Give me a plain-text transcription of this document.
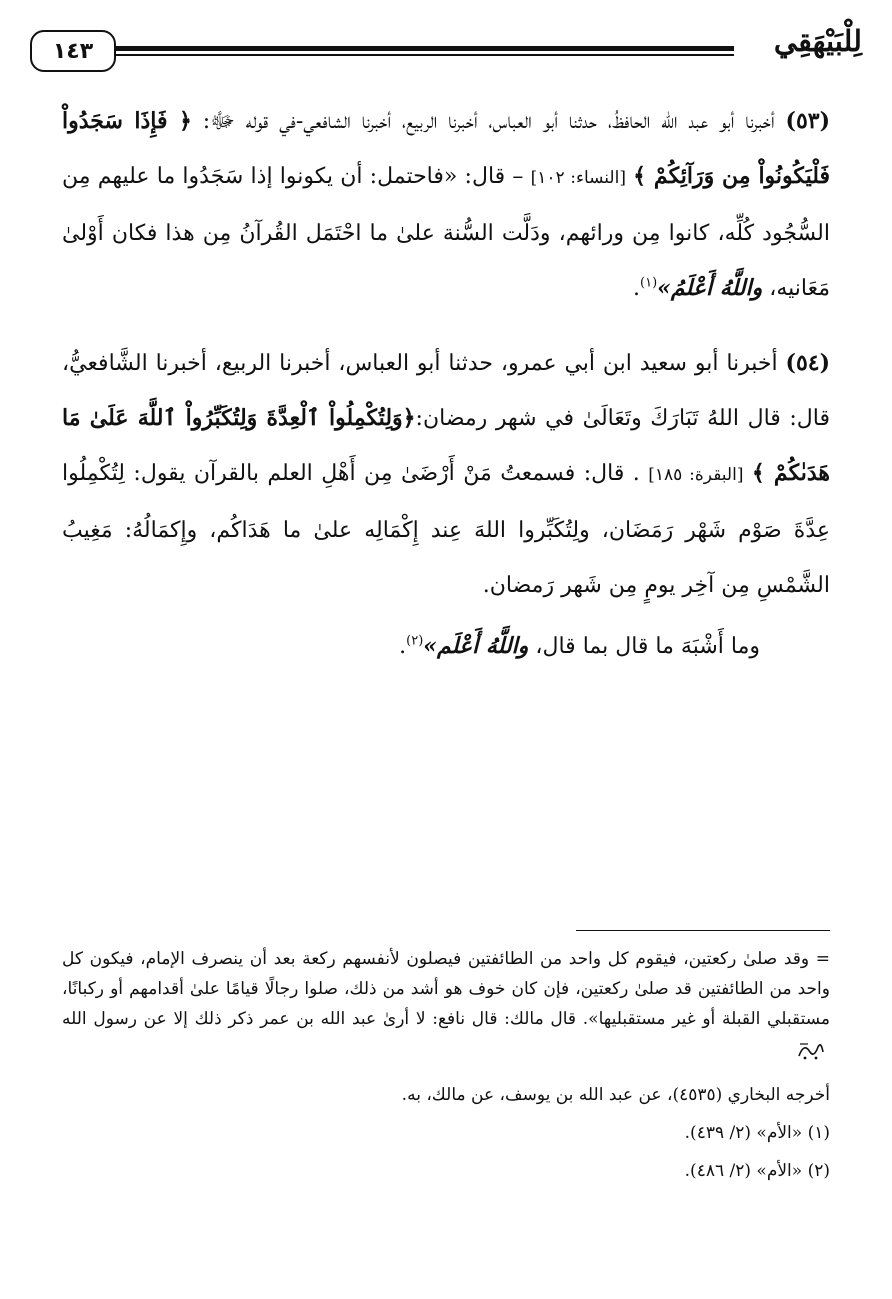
١٤٣	لِلْبَيْهَقِي

(٥٣) أخبرنا أبو عبد الله الحافظُ، حدثنا أبو العباس، أخبرنا الربيع، أخبرنا الشافعي-في قوله ﷻ: ﴿ فَإِذَا سَجَدُواْ فَلْيَكُونُواْ مِن وَرَآئِكُمْ ﴾ [النساء: ١٠٢] – قال: «فاحتمل: أن يكونوا إذا سَجَدُوا ما عليهم مِن السُّجُود كُلِّه، كانوا مِن ورائهم، ودَلَّت السُّنة علىٰ ما احْتَمَل القُرآنُ مِن هذا فكان أَوْلىٰ مَعَانيه، واللَّهُ أَعْلَمُ»$^{(١)}$.

(٥٤) أخبرنا أبو سعيد ابن أبي عمرو، حدثنا أبو العباس، أخبرنا الربيع، أخبرنا الشَّافعيُّ، قال: قال اللهُ تَبَارَكَ وتَعَالَىٰ في شهر رمضان:﴿وَلِتُكْمِلُواْ ٱلْعِدَّةَ وَلِتُكَبِّرُواْ ٱللَّهَ عَلَىٰ مَا هَدَىٰكُمْ ﴾ [البقرة: ١٨٥] . قال: فسمعتُ مَنْ أَرْضَىٰ مِن أَهْلِ العلم بالقرآن يقول: لِتُكْمِلُوا عِدَّةَ صَوْم شَهْر رَمَضَان، ولِتُكَبِّروا اللهَ عِند إِكْمَالِه علىٰ ما هَدَاكُم، وإِكمَالُهُ: مَغِيبُ الشَّمْسِ مِن آخِر يومٍ مِن شَهر رَمضان.

وما أَشْبَهَ ما قال بما قال، واللَّهُ أَعْلَم»$^{(٢)}$.

= وقد صلىٰ ركعتين، فيقوم كل واحد من الطائفتين فيصلون لأنفسهم ركعة بعد أن ينصرف الإمام، فيكون كل واحد من الطائفتين قد صلىٰ ركعتين، فإن كان خوف هو أشد من ذلك، صلوا رجالًا قيامًا علىٰ أقدامهم أو ركبانًا، مستقبلي القبلة أو غير مستقبليها». قال مالك: قال نافع: لا أرىٰ عبد الله بن عمر ذكر ذلك إلا عن رسول الله

أخرجه البخاري (٤٥٣٥)، عن عبد الله بن يوسف، عن مالك، به.

(١) «الأم» (٢/ ٤٣٩).

(٢) «الأم» (٢/ ٤٨٦).
